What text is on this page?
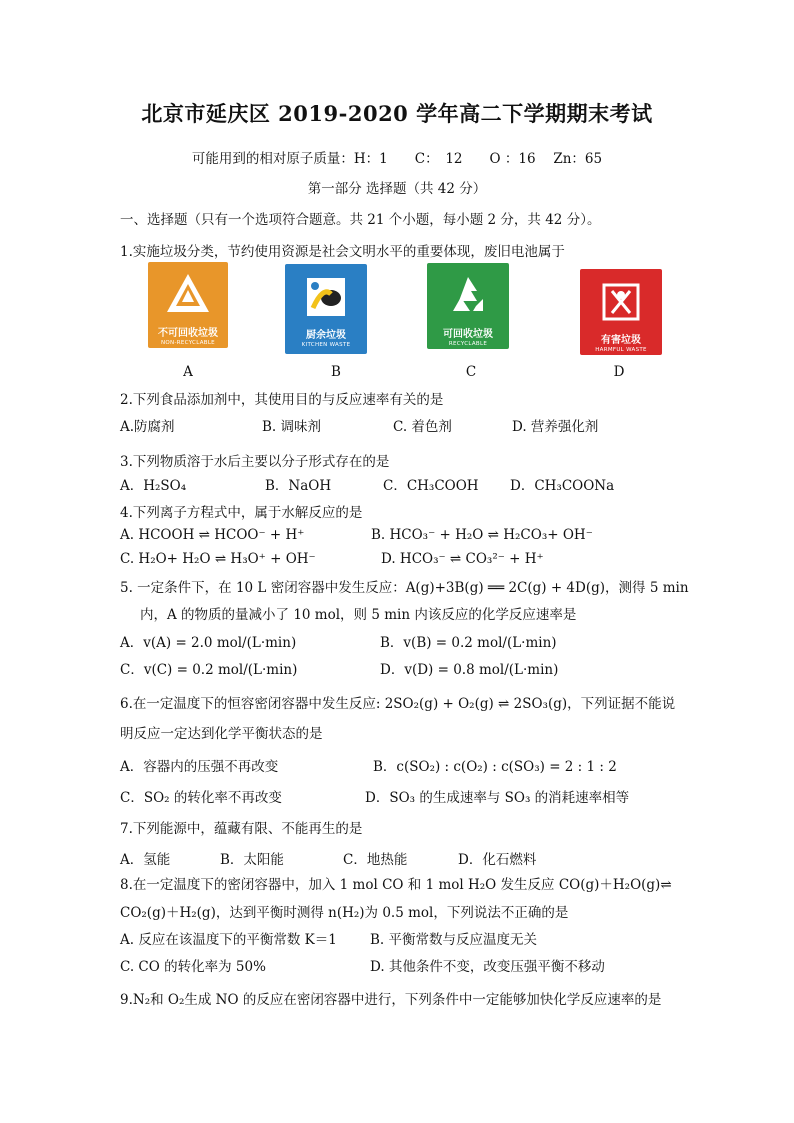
北京市延庆区 2019-2020 学年高二下学期期末考试
可能用到的相对原子质量：H：1　　C：　12　　O ：16　 Zn：65
第一部分 选择题（共 42 分）
一、选择题（只有一个选项符合题意。共 21 个小题，每小题 2 分，共 42 分）。
1.实施垃圾分类，节约使用资源是社会文明水平的重要体现，废旧电池属于
不可回收垃圾
NON-RECYCLABLE
厨余垃圾
KITCHEN WASTE
可回收垃圾
RECYCLABLE	有害垃圾
HARMFUL WASTE
A	B	C	D
2.下列食品添加剂中，其使用目的与反应速率有关的是
A.防腐剂	B. 调味剂	C. 着色剂	D. 营养强化剂
3.下列物质溶于水后主要以分子形式存在的是
A．H₂SO₄	B．NaOH	C．CH₃COOH D．CH₃COONa
4.下列离子方程式中，属于水解反应的是
A. HCOOH ⇌ HCOO⁻ + H⁺	B. HCO₃⁻ + H₂O ⇌ H₂CO₃+ OH⁻
C. H₂O+ H₂O ⇌ H₃O⁺ + OH⁻	D. HCO₃⁻ ⇌ CO₃²⁻ + H⁺
5. 一定条件下，在 10 L 密闭容器中发生反应：A(g)+3B(g) ══ 2C(g) + 4D(g)，测得 5 min
内，A 的物质的量减小了 10 mol，则 5 min 内该反应的化学反应速率是
A．v(A) = 2.0 mol/(L·min)	B．v(B) = 0.2 mol/(L·min)
C．v(C) = 0.2 mol/(L·min)	D．v(D) = 0.8 mol/(L·min)
6.在一定温度下的恒容密闭容器中发生反应: 2SO₂(g) + O₂(g) ⇌ 2SO₃(g)，下列证据不能说
明反应一定达到化学平衡状态的是
A．容器内的压强不再改变	B．c(SO₂) : c(O₂) : c(SO₃) = 2 : 1 : 2
C．SO₂ 的转化率不再改变	D．SO₃ 的生成速率与 SO₃ 的消耗速率相等
7.下列能源中，蕴藏有限、不能再生的是
A．氢能	B．太阳能	C．地热能	D．化石燃料
8.在一定温度下的密闭容器中，加入 1 mol CO 和 1 mol H₂O 发生反应 CO(g)＋H₂O(g)⇌
CO₂(g)＋H₂(g)，达到平衡时测得 n(H₂)为 0.5 mol，下列说法不正确的是
A. 反应在该温度下的平衡常数 K＝1 B. 平衡常数与反应温度无关
C. CO 的转化率为 50%	D. 其他条件不变，改变压强平衡不移动
9.N₂和 O₂生成 NO 的反应在密闭容器中进行，下列条件中一定能够加快化学反应速率的是
